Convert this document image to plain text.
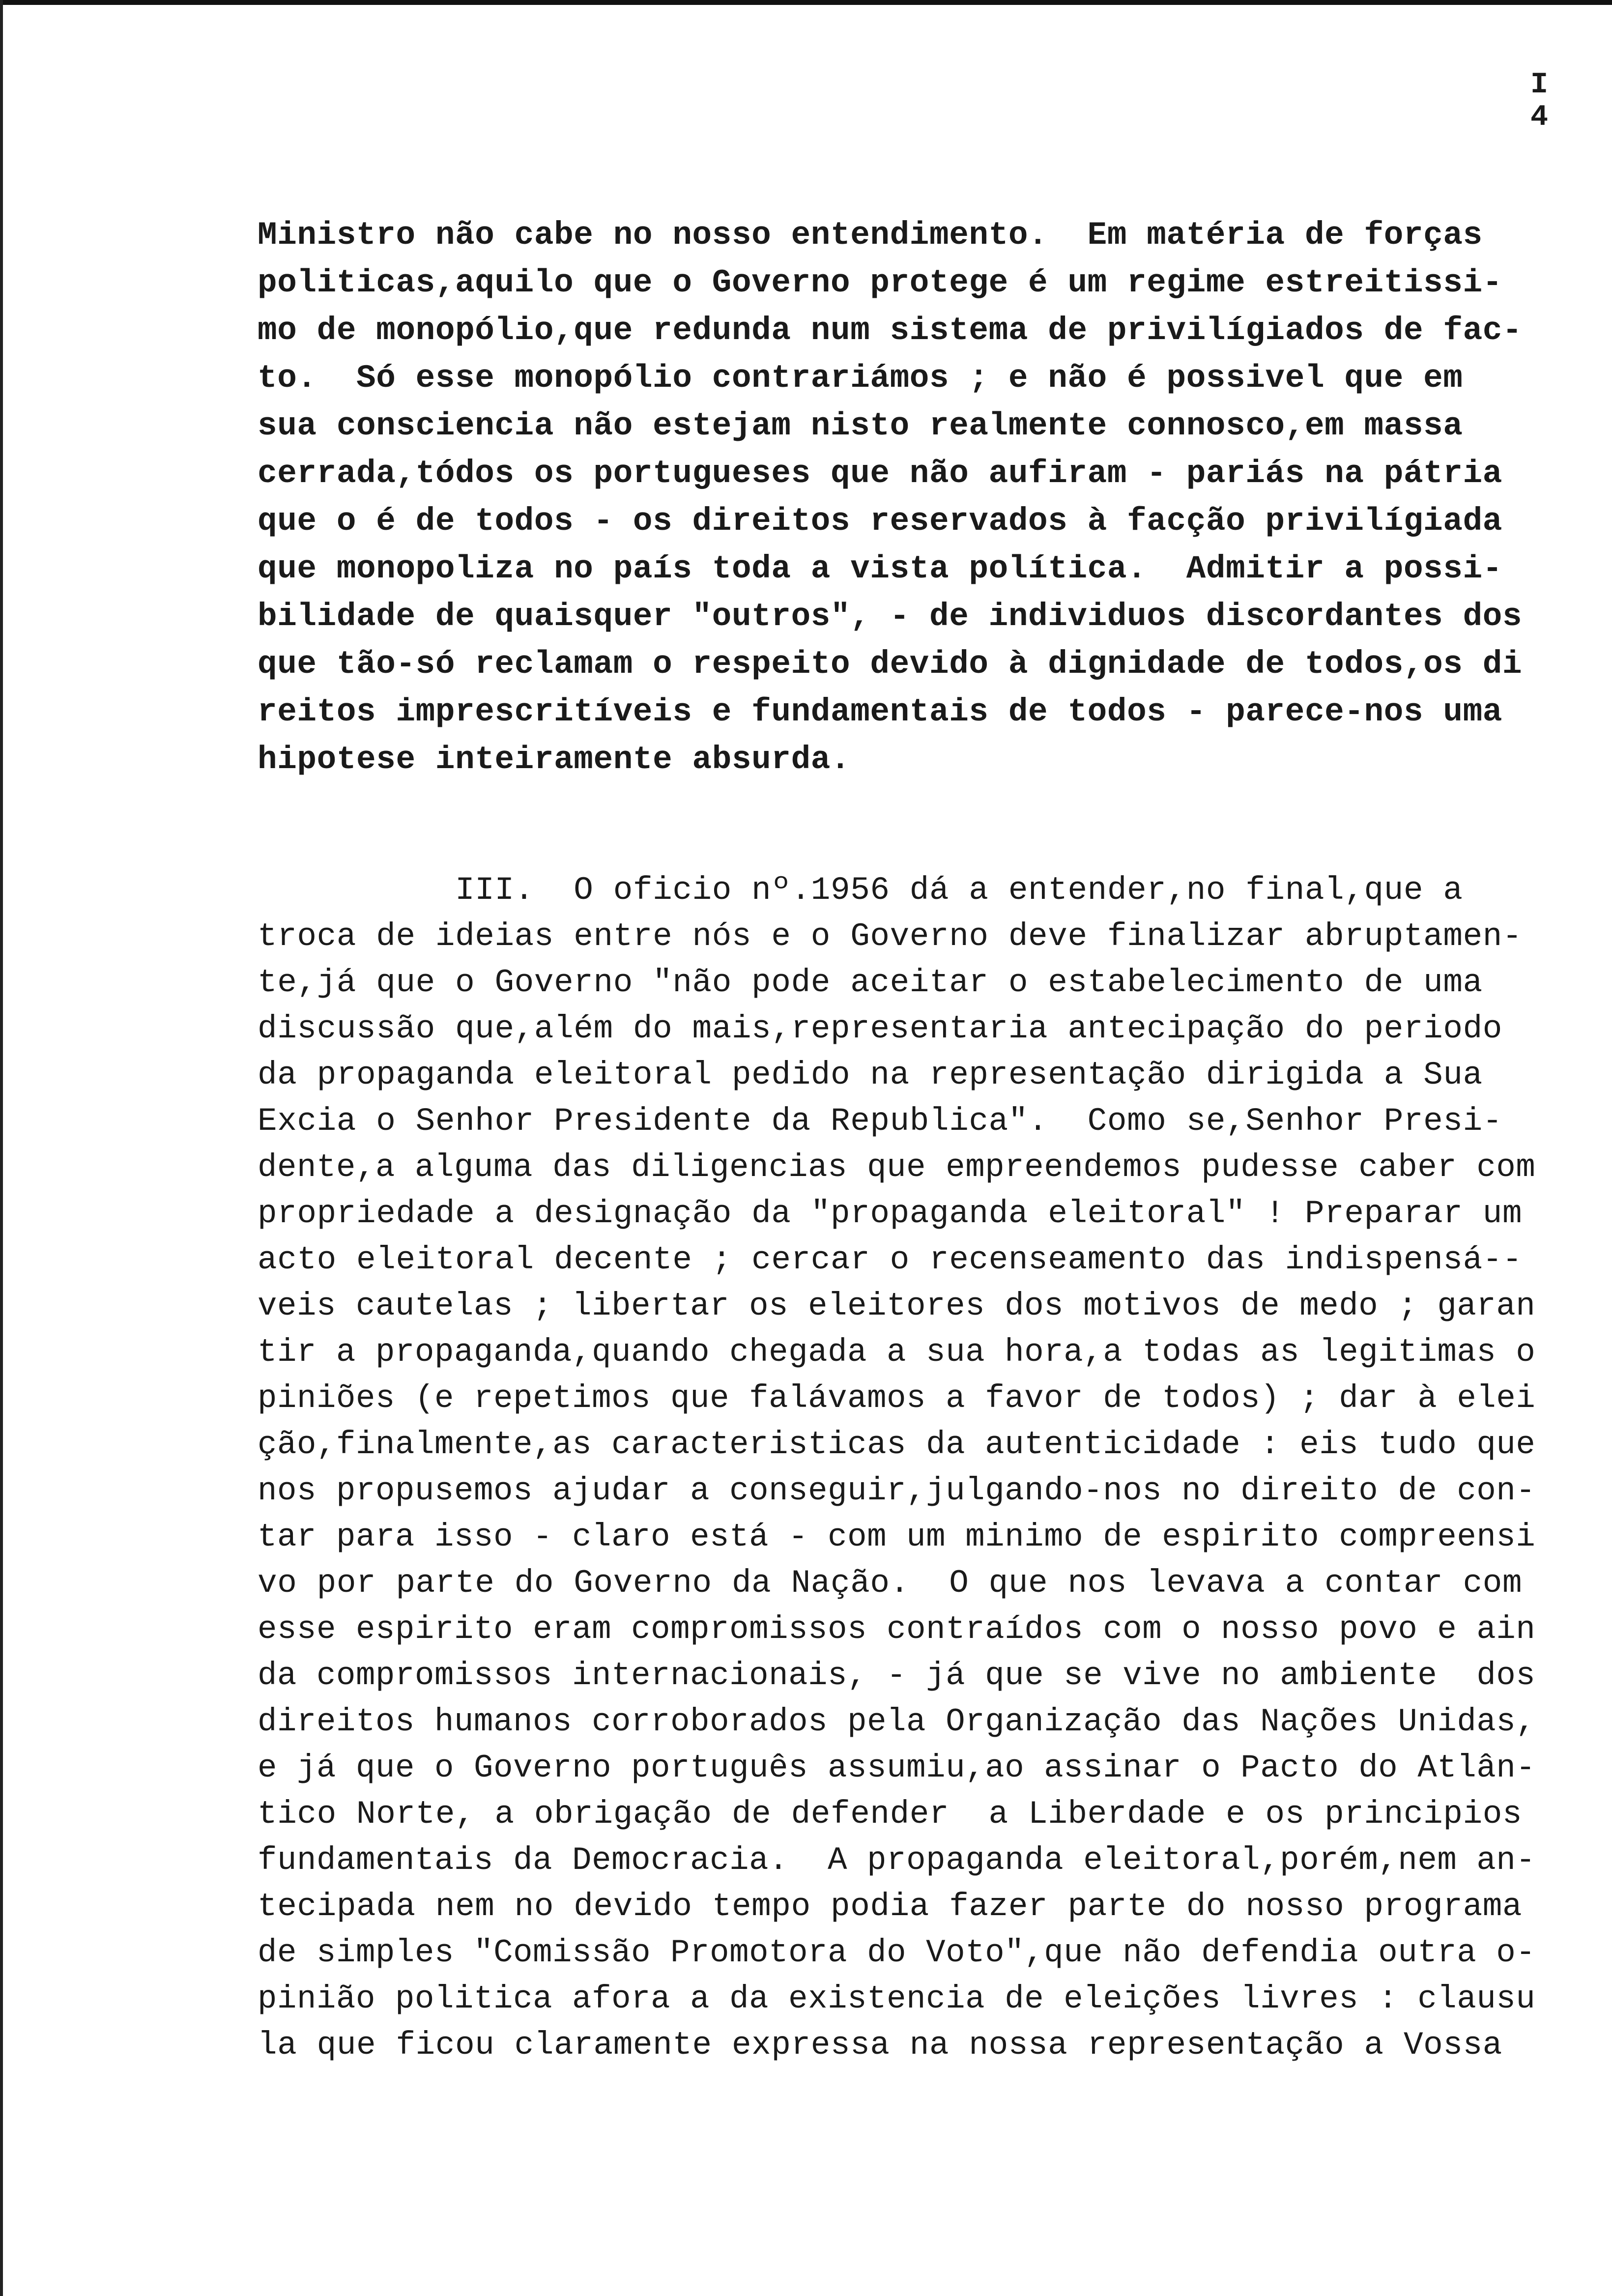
I
4
Ministro não cabe no nosso entendimento.  Em matéria de forças
politicas,aquilo que o Governo protege é um regime estreitissi-
mo de monopólio,que redunda num sistema de privilígiados de fac-
to.  Só esse monopólio contrariámos ; e não é possivel que em
sua consciencia não estejam nisto realmente connosco,em massa
cerrada,tódos os portugueses que não aufiram - pariás na pátria
que o é de todos - os direitos reservados à facção privilígiada
que monopoliza no país toda a vista política.  Admitir a possi-
bilidade de quaisquer "outros", - de individuos discordantes dos
que tão-só reclamam o respeito devido à dignidade de todos,os di
reitos imprescritíveis e fundamentais de todos - parece-nos uma
hipotese inteiramente absurda.
III.  O oficio nº.1956 dá a entender,no final,que a
troca de ideias entre nós e o Governo deve finalizar abruptamen-
te,já que o Governo "não pode aceitar o estabelecimento de uma
discussão que,além do mais,representaria antecipação do periodo
da propaganda eleitoral pedido na representação dirigida a Sua
Excia o Senhor Presidente da Republica".  Como se,Senhor Presi-
dente,a alguma das diligencias que empreendemos pudesse caber com
propriedade a designação da "propaganda eleitoral" ! Preparar um
acto eleitoral decente ; cercar o recenseamento das indispensá--
veis cautelas ; libertar os eleitores dos motivos de medo ; garan
tir a propaganda,quando chegada a sua hora,a todas as legitimas o
piniões (e repetimos que falávamos a favor de todos) ; dar à elei
ção,finalmente,as caracteristicas da autenticidade : eis tudo que
nos propusemos ajudar a conseguir,julgando-nos no direito de con-
tar para isso - claro está - com um minimo de espirito compreensi
vo por parte do Governo da Nação.  O que nos levava a contar com
esse espirito eram compromissos contraídos com o nosso povo e ain
da compromissos internacionais, - já que se vive no ambiente  dos
direitos humanos corroborados pela Organização das Nações Unidas,
e já que o Governo português assumiu,ao assinar o Pacto do Atlân-
tico Norte, a obrigação de defender  a Liberdade e os principios
fundamentais da Democracia.  A propaganda eleitoral,porém,nem an-
tecipada nem no devido tempo podia fazer parte do nosso programa
de simples "Comissão Promotora do Voto",que não defendia outra o-
pinião politica afora a da existencia de eleições livres : clausu
la que ficou claramente expressa na nossa representação a Vossa
